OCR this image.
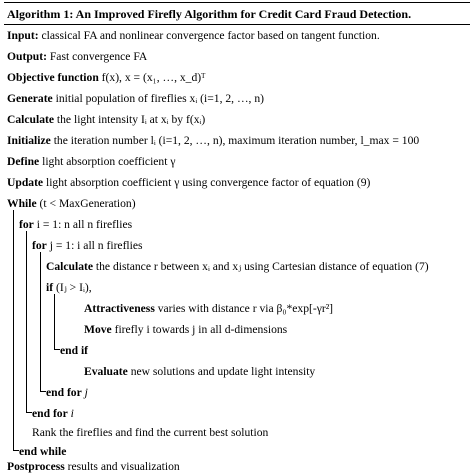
Algorithm 1: An Improved Firefly Algorithm for Credit Card Fraud Detection.
Input: classical FA and nonlinear convergence factor based on tangent function.
Output: Fast convergence FA
Objective function f(x), x = (x₁, …, x_d)ᵀ
Generate initial population of fireflies xᵢ (i=1, 2, …, n)
Calculate the light intensity Iᵢ at xᵢ by f(xᵢ)
Initialize the iteration number lᵢ (i=1, 2, …, n), maximum iteration number, l_max = 100
Define light absorption coefficient γ
Update light absorption coefficient γ using convergence factor of equation (9)
While (t < MaxGeneration)
for i = 1: n all n fireflies
for j = 1: i all n fireflies
Calculate the distance r between xᵢ and xⱼ using Cartesian distance of equation (7)
if (Iⱼ > Iᵢ),
Attractiveness varies with distance r via β₀*exp[-γr²]
Move firefly i towards j in all d-dimensions
end if
Evaluate new solutions and update light intensity
end for j
end for i
Rank the fireflies and find the current best solution
end while
Postprocess results and visualization
